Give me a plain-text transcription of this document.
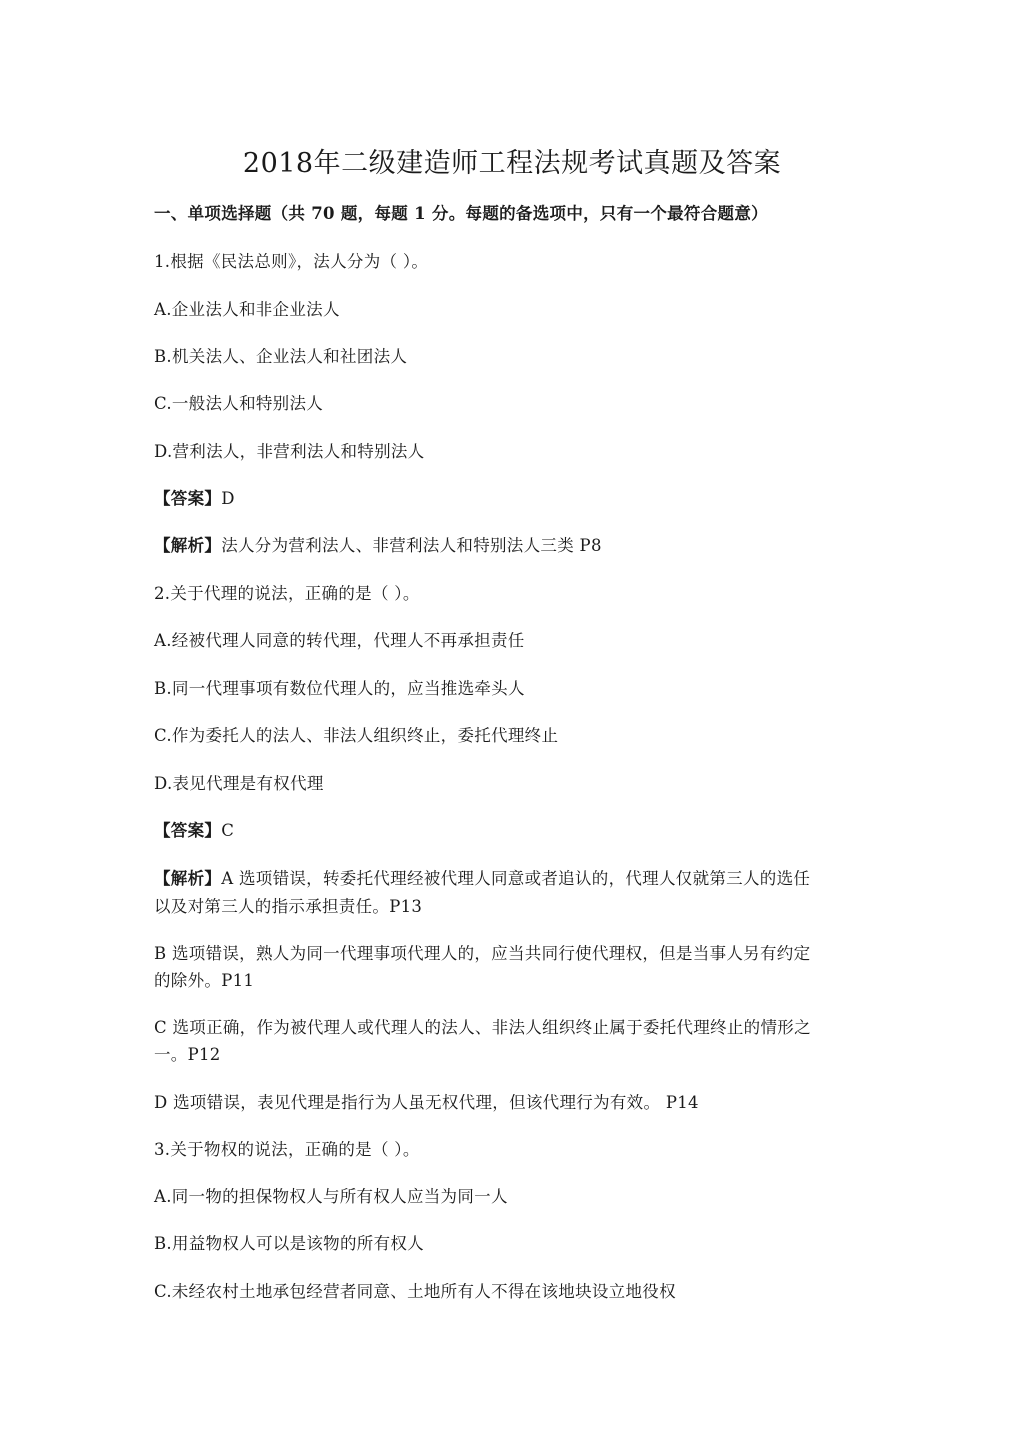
2018年二级建造师工程法规考试真题及答案
一、单项选择题（共 70 题，每题 1 分。每题的备选项中，只有一个最符合题意）
1.根据《民法总则》，法人分为（ ）。
A.企业法人和非企业法人
B.机关法人、企业法人和社团法人
C.一般法人和特别法人
D.营利法人，非营利法人和特别法人
【答案】D
【解析】法人分为营利法人、非营利法人和特别法人三类 P8
2.关于代理的说法，正确的是（ ）。
A.经被代理人同意的转代理，代理人不再承担责任
B.同一代理事项有数位代理人的，应当推选牵头人
C.作为委托人的法人、非法人组织终止，委托代理终止
D.表见代理是有权代理
【答案】C
【解析】A 选项错误，转委托代理经被代理人同意或者追认的，代理人仅就第三人的选任
以及对第三人的指示承担责任。P13
B 选项错误，熟人为同一代理事项代理人的，应当共同行使代理权，但是当事人另有约定
的除外。P11
C 选项正确，作为被代理人或代理人的法人、非法人组织终止属于委托代理终止的情形之
一。P12
D 选项错误，表见代理是指行为人虽无权代理，但该代理行为有效。 P14
3.关于物权的说法，正确的是（ ）。
A.同一物的担保物权人与所有权人应当为同一人
B.用益物权人可以是该物的所有权人
C.未经农村土地承包经营者同意、土地所有人不得在该地块设立地役权
